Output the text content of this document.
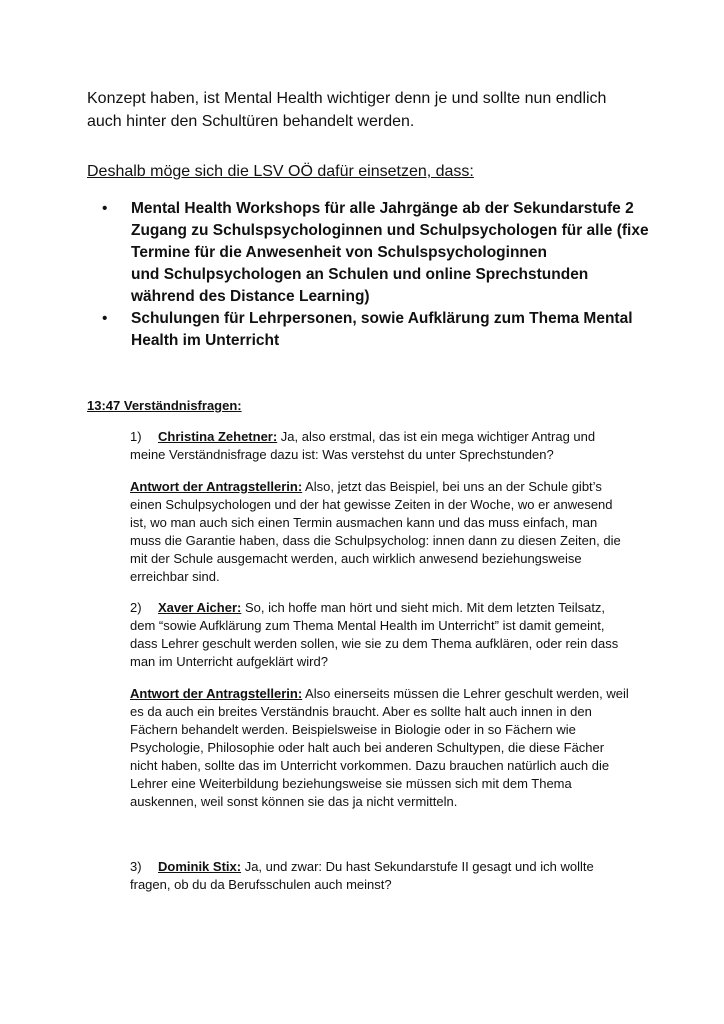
Konzept haben, ist Mental Health wichtiger denn je und sollte nun endlich
auch hinter den Schultüren behandelt werden.
Deshalb möge sich die LSV OÖ dafür einsetzen, dass:
• Mental Health Workshops für alle Jahrgänge ab der Sekundarstufe 2
Zugang zu Schulspsychologinnen und Schulpsychologen für alle (fixe
Termine für die Anwesenheit von Schulspsychologinnen
und Schulpsychologen an Schulen und online Sprechstunden
während des Distance Learning)
• Schulungen für Lehrpersonen, sowie Aufklärung zum Thema Mental
Health im Unterricht
13:47 Verständnisfragen:
1) Christina Zehetner: Ja, also erstmal, das ist ein mega wichtiger Antrag und
meine Verständnisfrage dazu ist: Was verstehst du unter Sprechstunden?
Antwort der Antragstellerin: Also, jetzt das Beispiel, bei uns an der Schule gibt’s
einen Schulpsychologen und der hat gewisse Zeiten in der Woche, wo er anwesend
ist, wo man auch sich einen Termin ausmachen kann und das muss einfach, man
muss die Garantie haben, dass die Schulpsycholog: innen dann zu diesen Zeiten, die
mit der Schule ausgemacht werden, auch wirklich anwesend beziehungsweise
erreichbar sind.
2) Xaver Aicher: So, ich hoffe man hört und sieht mich. Mit dem letzten Teilsatz,
dem “sowie Aufklärung zum Thema Mental Health im Unterricht” ist damit gemeint,
dass Lehrer geschult werden sollen, wie sie zu dem Thema aufklären, oder rein dass
man im Unterricht aufgeklärt wird?
Antwort der Antragstellerin: Also einerseits müssen die Lehrer geschult werden, weil
es da auch ein breites Verständnis braucht. Aber es sollte halt auch innen in den
Fächern behandelt werden. Beispielsweise in Biologie oder in so Fächern wie
Psychologie, Philosophie oder halt auch bei anderen Schultypen, die diese Fächer
nicht haben, sollte das im Unterricht vorkommen. Dazu brauchen natürlich auch die
Lehrer eine Weiterbildung beziehungsweise sie müssen sich mit dem Thema
auskennen, weil sonst können sie das ja nicht vermitteln.
3) Dominik Stix: Ja, und zwar: Du hast Sekundarstufe II gesagt und ich wollte
fragen, ob du da Berufsschulen auch meinst?
